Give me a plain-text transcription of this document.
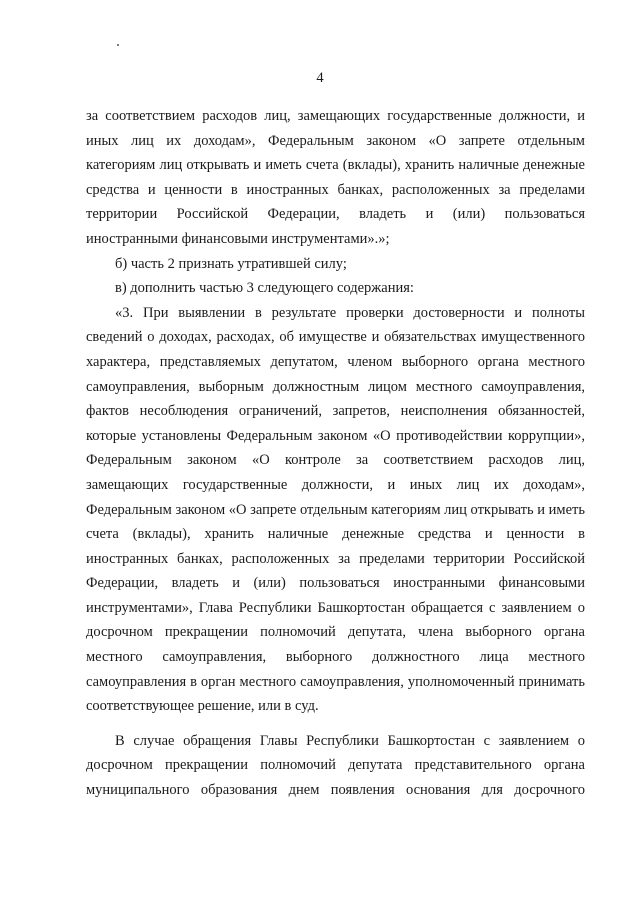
4

за соответствием расходов лиц, замещающих государственные должности, и иных лиц их доходам», Федеральным законом «О запрете отдельным категориям лиц открывать и иметь счета (вклады), хранить наличные денежные средства и ценности в иностранных банках, расположенных за пределами территории Российской Федерации, владеть и (или) пользоваться иностранными финансовыми инструментами».»;

б) часть 2 признать утратившей силу;

в) дополнить частью 3 следующего содержания:

«3. При выявлении в результате проверки достоверности и полноты сведений о доходах, расходах, об имуществе и обязательствах имущественного характера, представляемых депутатом, членом выборного органа местного самоуправления, выборным должностным лицом местного самоуправления, фактов несоблюдения ограничений, запретов, неисполнения обязанностей, которые установлены Федеральным законом «О противодействии коррупции», Федеральным законом «О контроле за соответствием расходов лиц, замещающих государственные должности, и иных лиц их доходам», Федеральным законом «О запрете отдельным категориям лиц открывать и иметь счета (вклады), хранить наличные денежные средства и ценности в иностранных банках, расположенных за пределами территории Российской Федерации, владеть и (или) пользоваться иностранными финансовыми инструментами», Глава Республики Башкортостан обращается с заявлением о досрочном прекращении полномочий депутата, члена выборного органа местного самоуправления, выборного должностного лица местного самоуправления в орган местного самоуправления, уполномоченный принимать соответствующее решение, или в суд.

В случае обращения Главы Республики Башкортостан с заявлением о досрочном прекращении полномочий депутата представительного органа муниципального образования днем появления основания для досрочного
